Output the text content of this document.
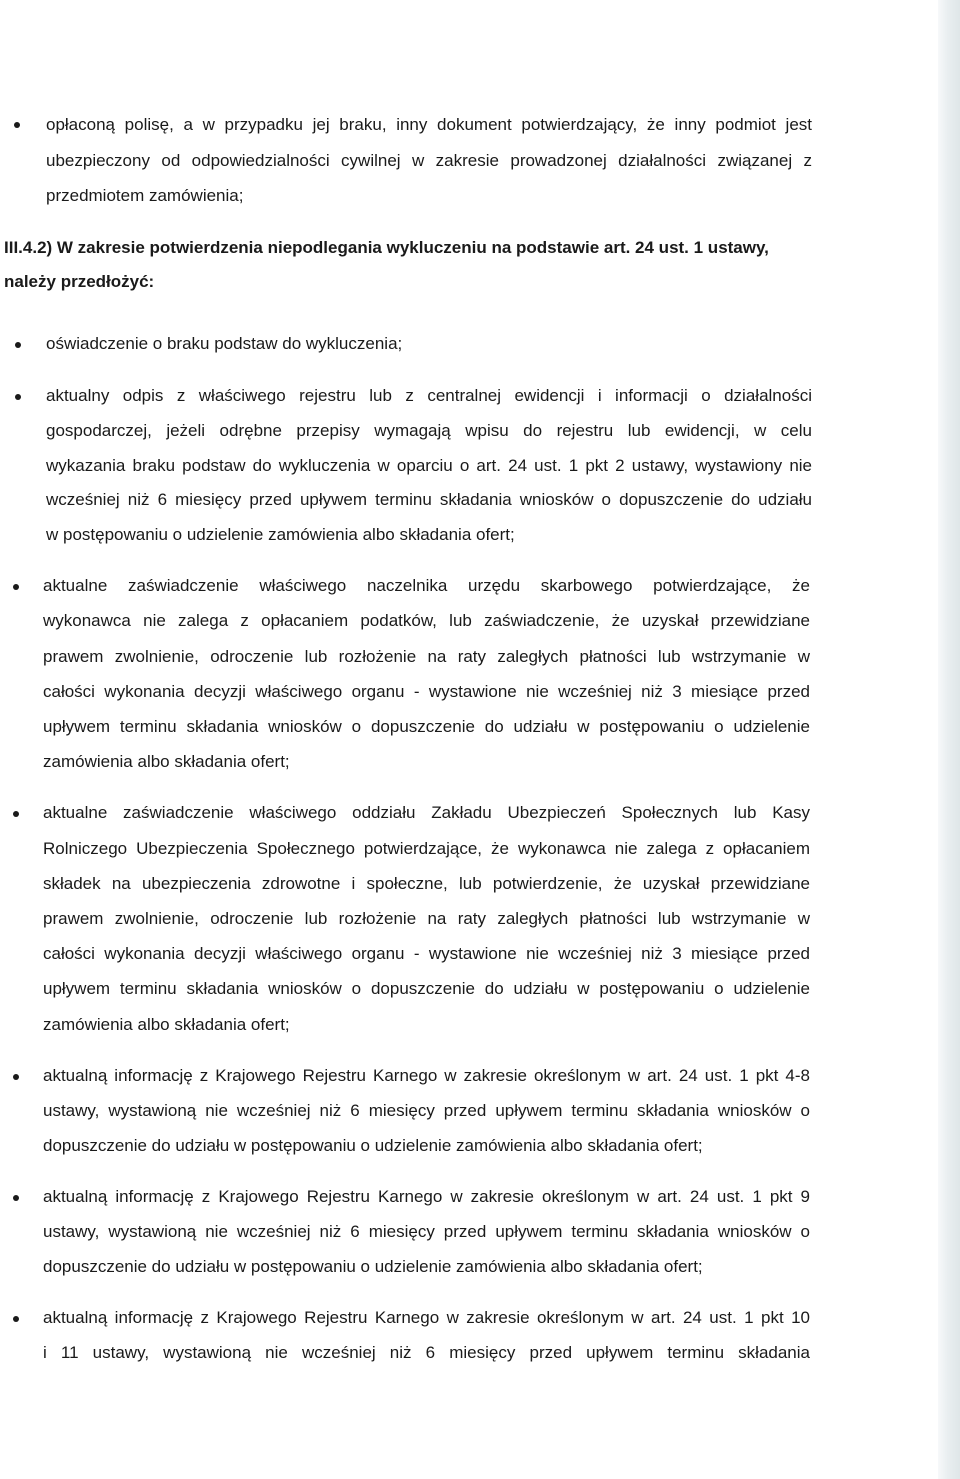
opłaconą polisę, a w przypadku jej braku, inny dokument potwierdzający, że inny podmiot jest
ubezpieczony od odpowiedzialności cywilnej w zakresie prowadzonej działalności związanej z
przedmiotem zamówienia;
III.4.2) W zakresie potwierdzenia niepodlegania wykluczeniu na podstawie art. 24 ust. 1 ustawy,
należy przedłożyć:
oświadczenie o braku podstaw do wykluczenia;
aktualny odpis z właściwego rejestru lub z centralnej ewidencji i informacji o działalności
gospodarczej, jeżeli odrębne przepisy wymagają wpisu do rejestru lub ewidencji, w celu
wykazania braku podstaw do wykluczenia w oparciu o art. 24 ust. 1 pkt 2 ustawy, wystawiony nie
wcześniej niż 6 miesięcy przed upływem terminu składania wniosków o dopuszczenie do udziału
w postępowaniu o udzielenie zamówienia albo składania ofert;
aktualne zaświadczenie właściwego naczelnika urzędu skarbowego potwierdzające, że
wykonawca nie zalega z opłacaniem podatków, lub zaświadczenie, że uzyskał przewidziane
prawem zwolnienie, odroczenie lub rozłożenie na raty zaległych płatności lub wstrzymanie w
całości wykonania decyzji właściwego organu - wystawione nie wcześniej niż 3 miesiące przed
upływem terminu składania wniosków o dopuszczenie do udziału w postępowaniu o udzielenie
zamówienia albo składania ofert;
aktualne zaświadczenie właściwego oddziału Zakładu Ubezpieczeń Społecznych lub Kasy
Rolniczego Ubezpieczenia Społecznego potwierdzające, że wykonawca nie zalega z opłacaniem
składek na ubezpieczenia zdrowotne i społeczne, lub potwierdzenie, że uzyskał przewidziane
prawem zwolnienie, odroczenie lub rozłożenie na raty zaległych płatności lub wstrzymanie w
całości wykonania decyzji właściwego organu - wystawione nie wcześniej niż 3 miesiące przed
upływem terminu składania wniosków o dopuszczenie do udziału w postępowaniu o udzielenie
zamówienia albo składania ofert;
aktualną informację z Krajowego Rejestru Karnego w zakresie określonym w art. 24 ust. 1 pkt 4-8
ustawy, wystawioną nie wcześniej niż 6 miesięcy przed upływem terminu składania wniosków o
dopuszczenie do udziału w postępowaniu o udzielenie zamówienia albo składania ofert;
aktualną informację z Krajowego Rejestru Karnego w zakresie określonym w art. 24 ust. 1 pkt 9
ustawy, wystawioną nie wcześniej niż 6 miesięcy przed upływem terminu składania wniosków o
dopuszczenie do udziału w postępowaniu o udzielenie zamówienia albo składania ofert;
aktualną informację z Krajowego Rejestru Karnego w zakresie określonym w art. 24 ust. 1 pkt 10
i 11 ustawy, wystawioną nie wcześniej niż 6 miesięcy przed upływem terminu składania
